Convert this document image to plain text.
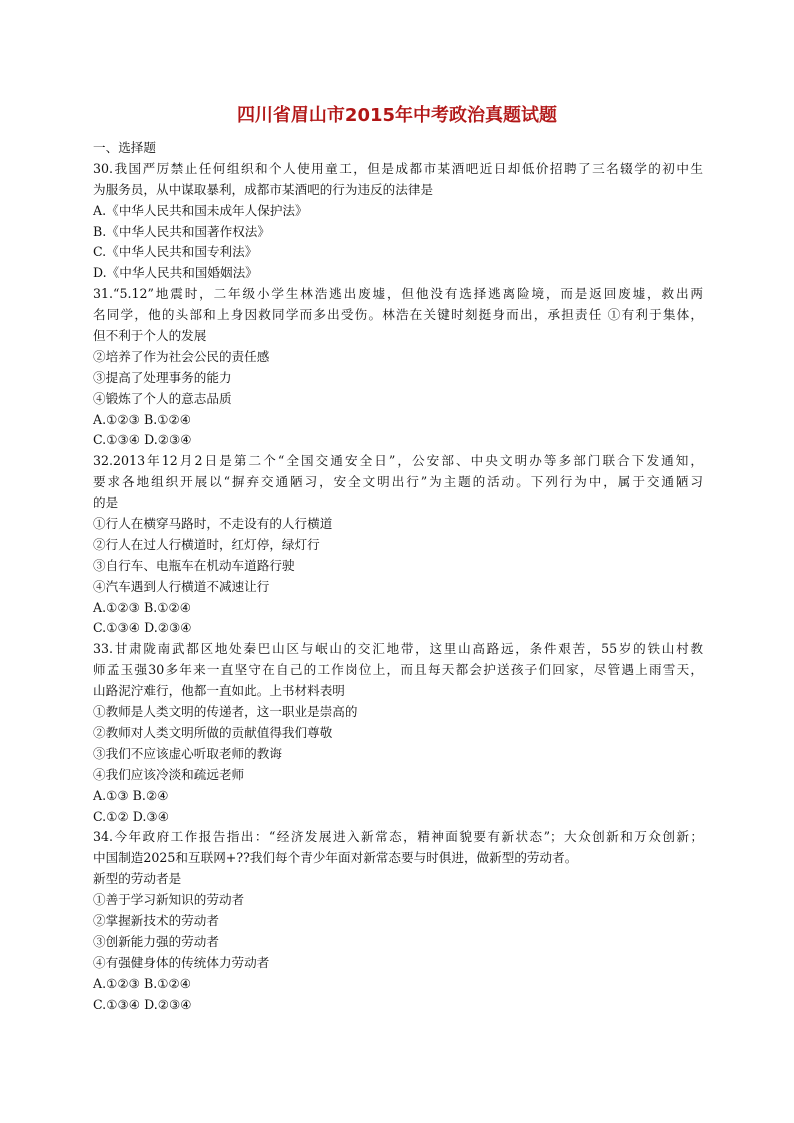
四川省眉山市2015年中考政治真题试题
一、选择题
30.我国严厉禁止任何组织和个人使用童工，但是成都市某酒吧近日却低价招聘了三名辍学的初中生
为服务员，从中谋取暴利，成都市某酒吧的行为违反的法律是
A.《中华人民共和国未成年人保护法》
B.《中华人民共和国著作权法》
C.《中华人民共和国专利法》
D.《中华人民共和国婚姻法》
31.“5.12”地震时，二年级小学生林浩逃出废墟，但他没有选择逃离险境，而是返回废墟，救出两
名同学，他的头部和上身因救同学而多出受伤。林浩在关键时刻挺身而出，承担责任 ①有利于集体，
但不利于个人的发展
②培养了作为社会公民的责任感
③提高了处理事务的能力
④锻炼了个人的意志品质
A.①②③ B.①②④
C.①③④ D.②③④
32.2013年12月2日是第二个“全国交通安全日”，公安部、中央文明办等多部门联合下发通知，
要求各地组织开展以“摒弃交通陋习，安全文明出行”为主题的活动。下列行为中，属于交通陋习
的是
①行人在横穿马路时，不走设有的人行横道
②行人在过人行横道时，红灯停，绿灯行
③自行车、电瓶车在机动车道路行驶
④汽车遇到人行横道不减速让行
A.①②③ B.①②④
C.①③④ D.②③④
33.甘肃陇南武都区地处秦巴山区与岷山的交汇地带，这里山高路远，条件艰苦，55岁的铁山村教
师孟玉强30多年来一直坚守在自己的工作岗位上，而且每天都会护送孩子们回家，尽管遇上雨雪天，
山路泥泞难行，他都一直如此。上书材料表明
①教师是人类文明的传递者，这一职业是崇高的
②教师对人类文明所做的贡献值得我们尊敬
③我们不应该虚心听取老师的教诲
④我们应该冷淡和疏远老师
A.①③ B.②④
C.①② D.③④
34.今年政府工作报告指出：“经济发展进入新常态，精神面貌要有新状态”；大众创新和万众创新；
中国制造2025和互联网+??我们每个青少年面对新常态要与时俱进，做新型的劳动者。
新型的劳动者是
①善于学习新知识的劳动者
②掌握新技术的劳动者
③创新能力强的劳动者
④有强健身体的传统体力劳动者
A.①②③ B.①②④
C.①③④ D.②③④
